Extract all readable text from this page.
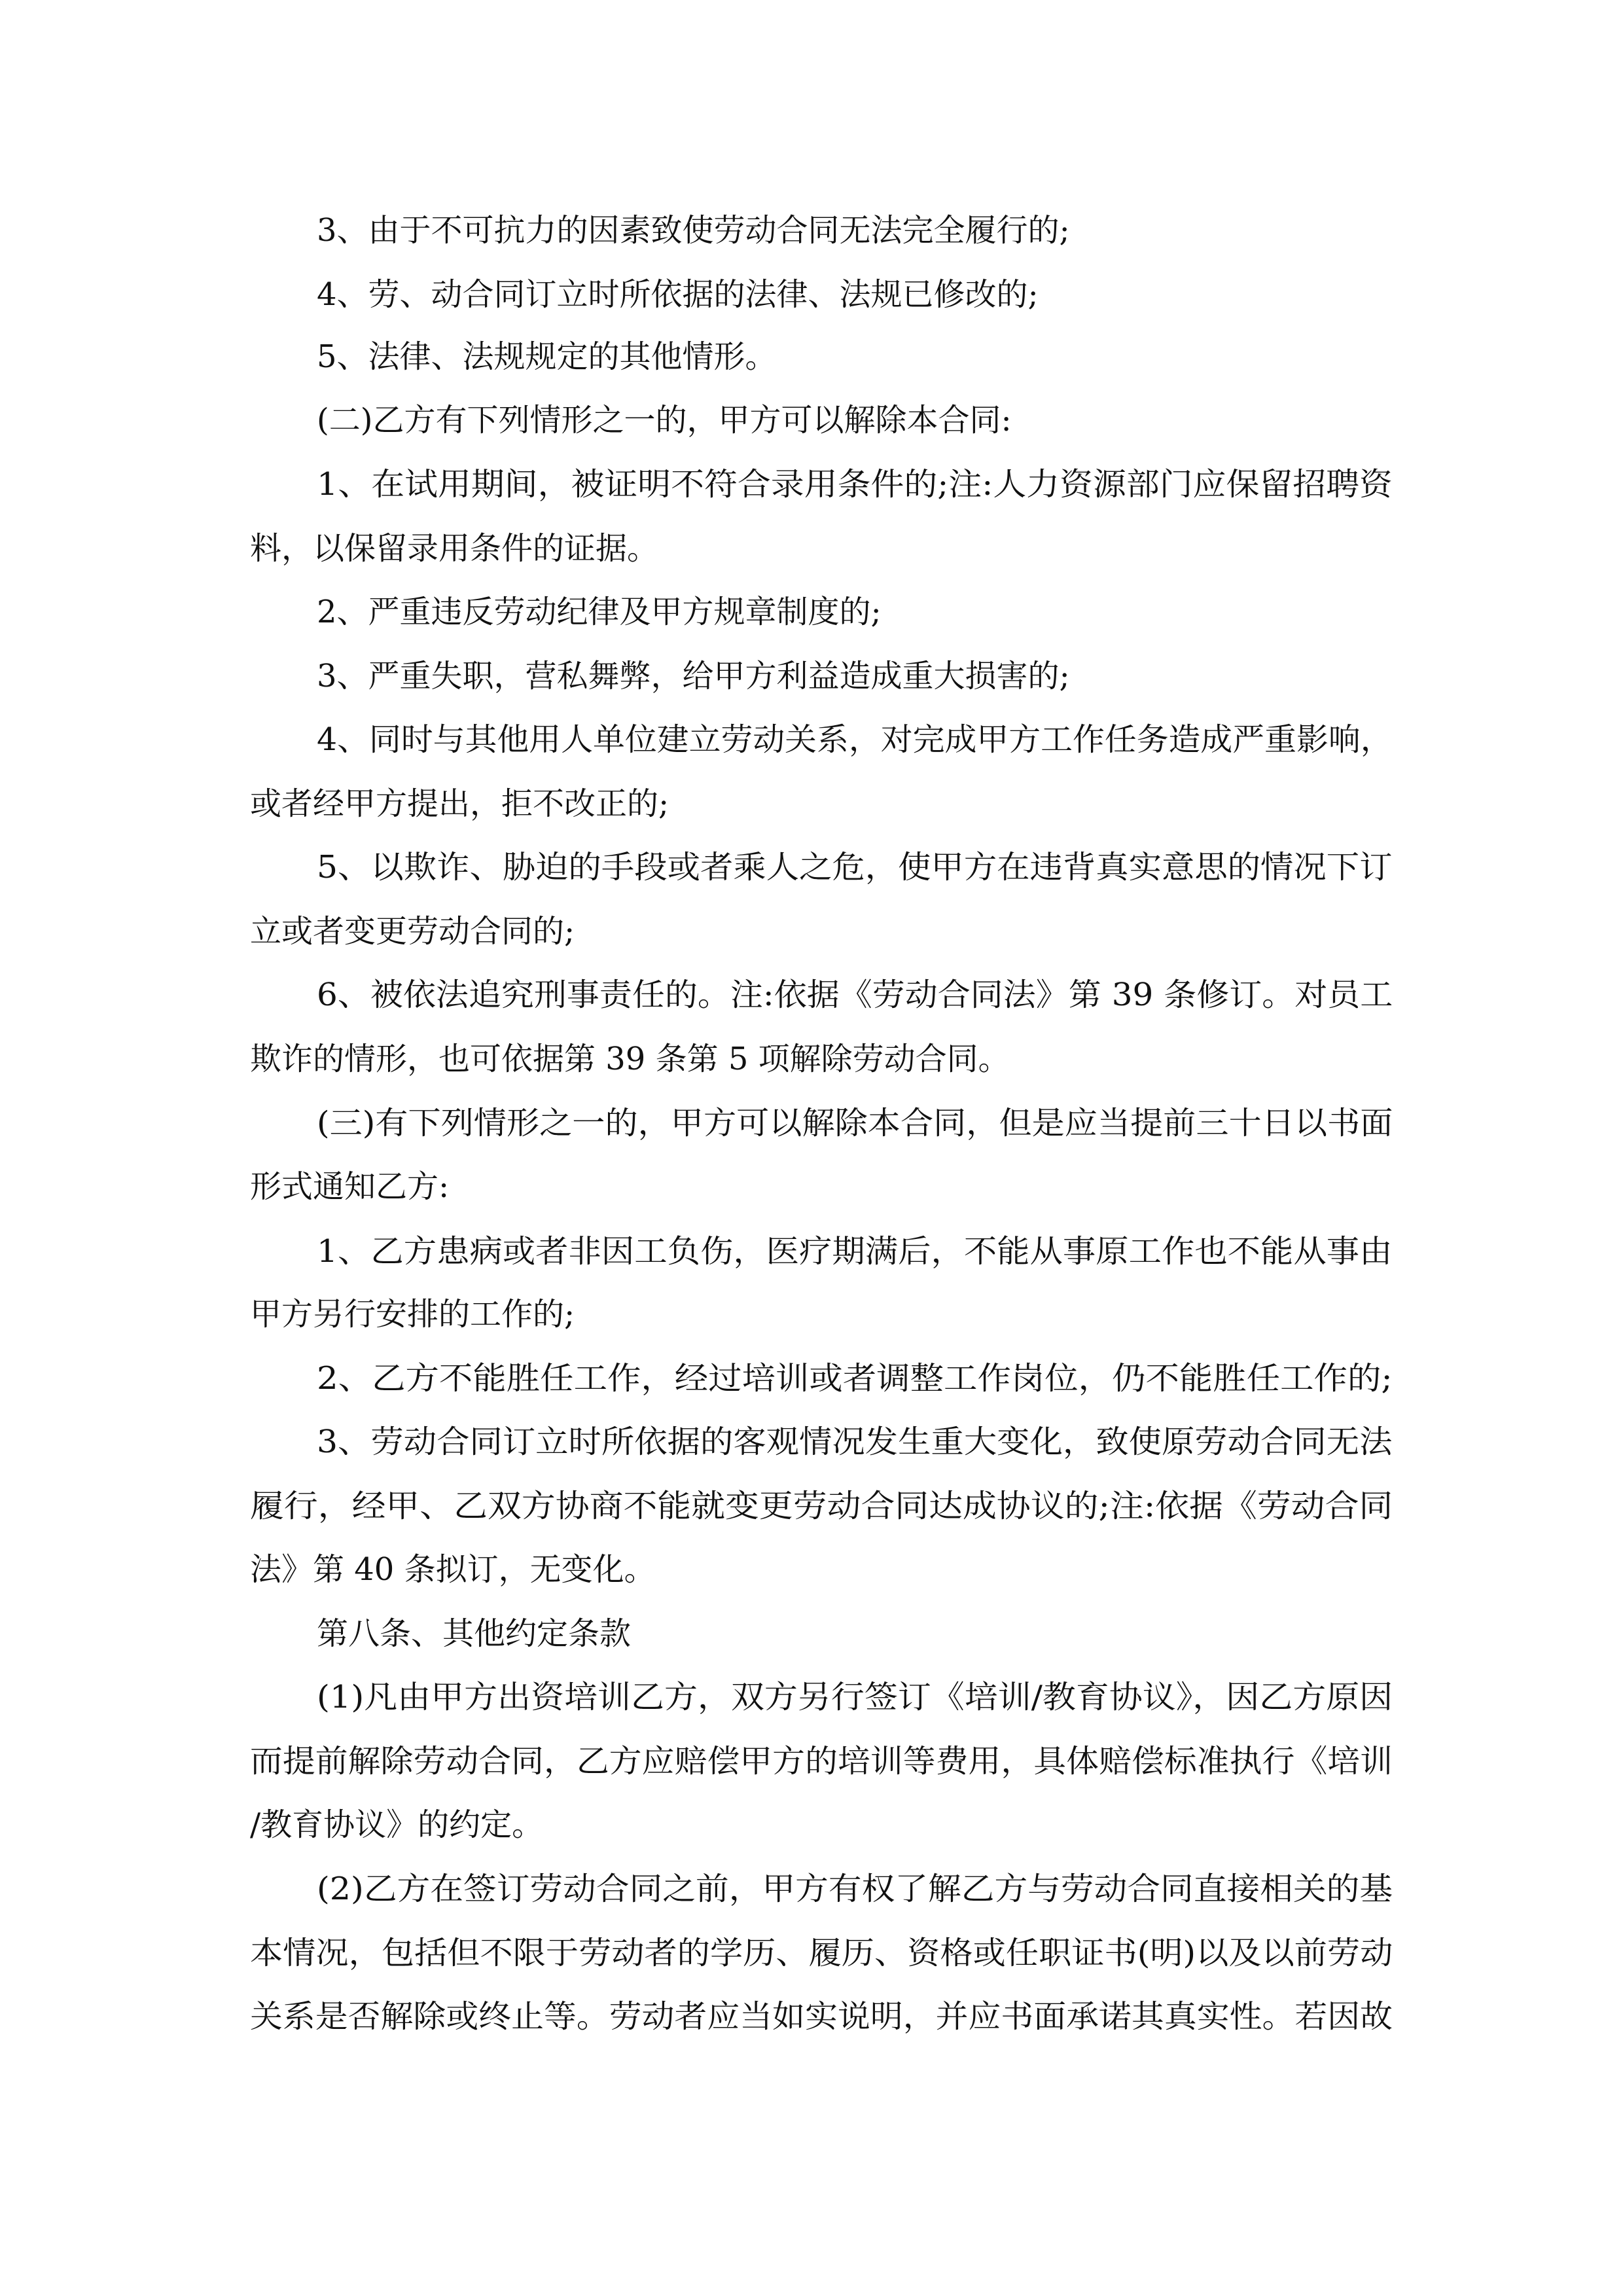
3、由于不可抗力的因素致使劳动合同无法完全履行的;

4、劳、动合同订立时所依据的法律、法规已修改的;

5、法律、法规规定的其他情形。

(二)乙方有下列情形之一的，甲方可以解除本合同:

1、在试用期间，被证明不符合录用条件的;注:人力资源部门应保留招聘资

料，以保留录用条件的证据。

2、严重违反劳动纪律及甲方规章制度的;

3、严重失职，营私舞弊，给甲方利益造成重大损害的;

4、同时与其他用人单位建立劳动关系，对完成甲方工作任务造成严重影响，

或者经甲方提出，拒不改正的;

5、以欺诈、胁迫的手段或者乘人之危，使甲方在违背真实意思的情况下订

立或者变更劳动合同的;

6、被依法追究刑事责任的。注:依据《劳动合同法》第 39 条修订。对员工

欺诈的情形，也可依据第 39 条第 5 项解除劳动合同。

(三)有下列情形之一的，甲方可以解除本合同，但是应当提前三十日以书面

形式通知乙方:

1、乙方患病或者非因工负伤，医疗期满后，不能从事原工作也不能从事由

甲方另行安排的工作的;

2、乙方不能胜任工作，经过培训或者调整工作岗位，仍不能胜任工作的;

3、劳动合同订立时所依据的客观情况发生重大变化，致使原劳动合同无法

履行，经甲、乙双方协商不能就变更劳动合同达成协议的;注:依据《劳动合同

法》第 40 条拟订，无变化。

第八条、其他约定条款

(1)凡由甲方出资培训乙方，双方另行签订《培训/教育协议》，因乙方原因

而提前解除劳动合同，乙方应赔偿甲方的培训等费用，具体赔偿标准执行《培训

/教育协议》的约定。

(2)乙方在签订劳动合同之前，甲方有权了解乙方与劳动合同直接相关的基

本情况，包括但不限于劳动者的学历、履历、资格或任职证书(明)以及以前劳动

关系是否解除或终止等。劳动者应当如实说明，并应书面承诺其真实性。若因故
